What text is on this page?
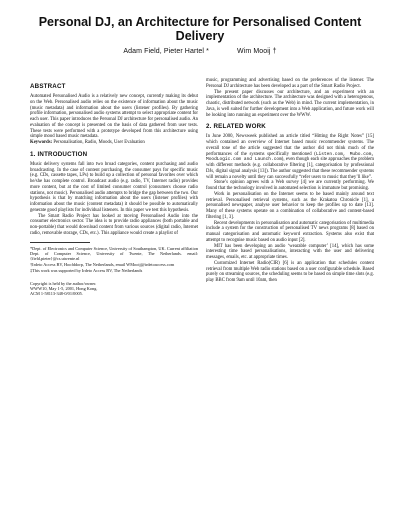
Personal DJ, an Architecture for Personalised Content
Delivery
Adam Field, Pieter Hartel *	Wim Mooij †
ABSTRACT

Automated Personalised Audio is a relatively new concept, currently making its debut on the Web. Personalised audio relies on the existence of information about the music (music metadata) and information about the users (listener profiles). By gathering profile information, personalised audio systems attempt to select appropriate content for each user. This paper introduces the Personal DJ architecture for personalised audio. An evaluation of the concept is presented on the basis of data gathered from user tests. These tests were performed with a prototype developed from this architecture using simple mood based music metadata.

Keywords: Personalisation, Radio, Moods, User Evaluation

1. INTRODUCTION

Music delivery systems fall into two broad categories, content purchasing and audio broadcasting. In the case of content purchasing, the consumer pays for specific music (e.g. CDs, cassette tapes, LPs) to build up a collection of personal favorites over which he/she has complete control. Broadcast audio (e.g. radio, TV, Internet radio) provides more content, but at the cost of limited consumer control (consumers choose radio stations, not music). Personalised audio attempts to bridge the gap between the two. Our hypothesis is that by matching information about the users (listener profiles) with information about the music (content metadata) it should be possible to automatically generate good playlists for individual listeners. In this paper we test this hypothesis.

The Smart Radio Project has looked at moving Personalised Audio into the consumer electronics sector. The idea is to provide radio appliances (both portable and non-portable) that would download content from various sources (digital radio, Internet radio, removable storage, CDs, etc.). This appliance would create a playlist of

*Dept. of Electronics and Computer Science, University of Southampton, UK. Current affiliation Dept. of Computer Science, University of Twente, The Netherlands. email: {field,pieter}@cs.utwente.nl

†Irdeto Access BV, Hoofddorp, The Netherlands, email WMooij@irdetoaccess.com

‡This work was supported by Irdeto Access BV, The Netherlands

Copyright is held by the author/owner.
WWW10, May 1-5, 2001, Hong Kong.
ACM 1-58113-348-0/01/0005.

music, programming and advertising based on the preferences of the listener. The Personal DJ architecture has been developed as a part of the Smart Radio Project.

The present paper discusses our architecture, and an experiment with an implementation of the architecture. The architecture was designed with a heterogenous, chaotic, distributed network (such as the Web) in mind. The current implementation, in Java, is well suited for further development into a Web application, and future work will be looking into running an experiment over the WWW.

2. RELATED WORK

In June 2000, Newsweek published an article titled “Hitting the Right Notes” [15] which contained an overview of Internet based music recommender systems. The overall tone of the article suggested that the author did not think much of the performances of the systems specifically mentioned (Listen.com, Mubo.com, MoodLogic.com and Launch.com), even though each site approaches the problem with different methods (e.g. collaborative filtering [1], categorisation by professional DJs, digital signal analysis [13]). The author suggested that these recommender systems will remain a novelty until they can successfully “refer users to music that they’ll like”.

Stone’s opinion agrees with a Web survey [4] we are currently performing. We found that the technology involved in automated selection is immature but promising.

Work in personalisation on the Internet seems to be based mainly around text retrieval. Personalised retrieval systems, such as the Krakatoa Chronicle [1], a personalised newspaper, analyse user behavior to keep the profiles up to date [13]. Many of these systems operate on a combination of collaborative and content-based filtering [1, 3].

Recent developments in personalisation and automatic categorisation of multimedia include a system for the construction of personalised TV news programs [8] based on manual categorisation and automatic keyword extraction. Systems also exist that attempt to recognise music based on audio input [2].

MIT has been developing an audio ‘wearable computer’ [14], which has some interesting time based personalisations, interacting with the user and delivering messages, emails, etc. at appropriate times.

Customized Internet Radio(CIR) [6] is an application that schedules content retrieval from multiple Web radio stations based on a user configurable schedule. Based purely on streaming sources, the scheduling seems to be based on simple time slots (e.g. play BBC from 9am until 10am, then
